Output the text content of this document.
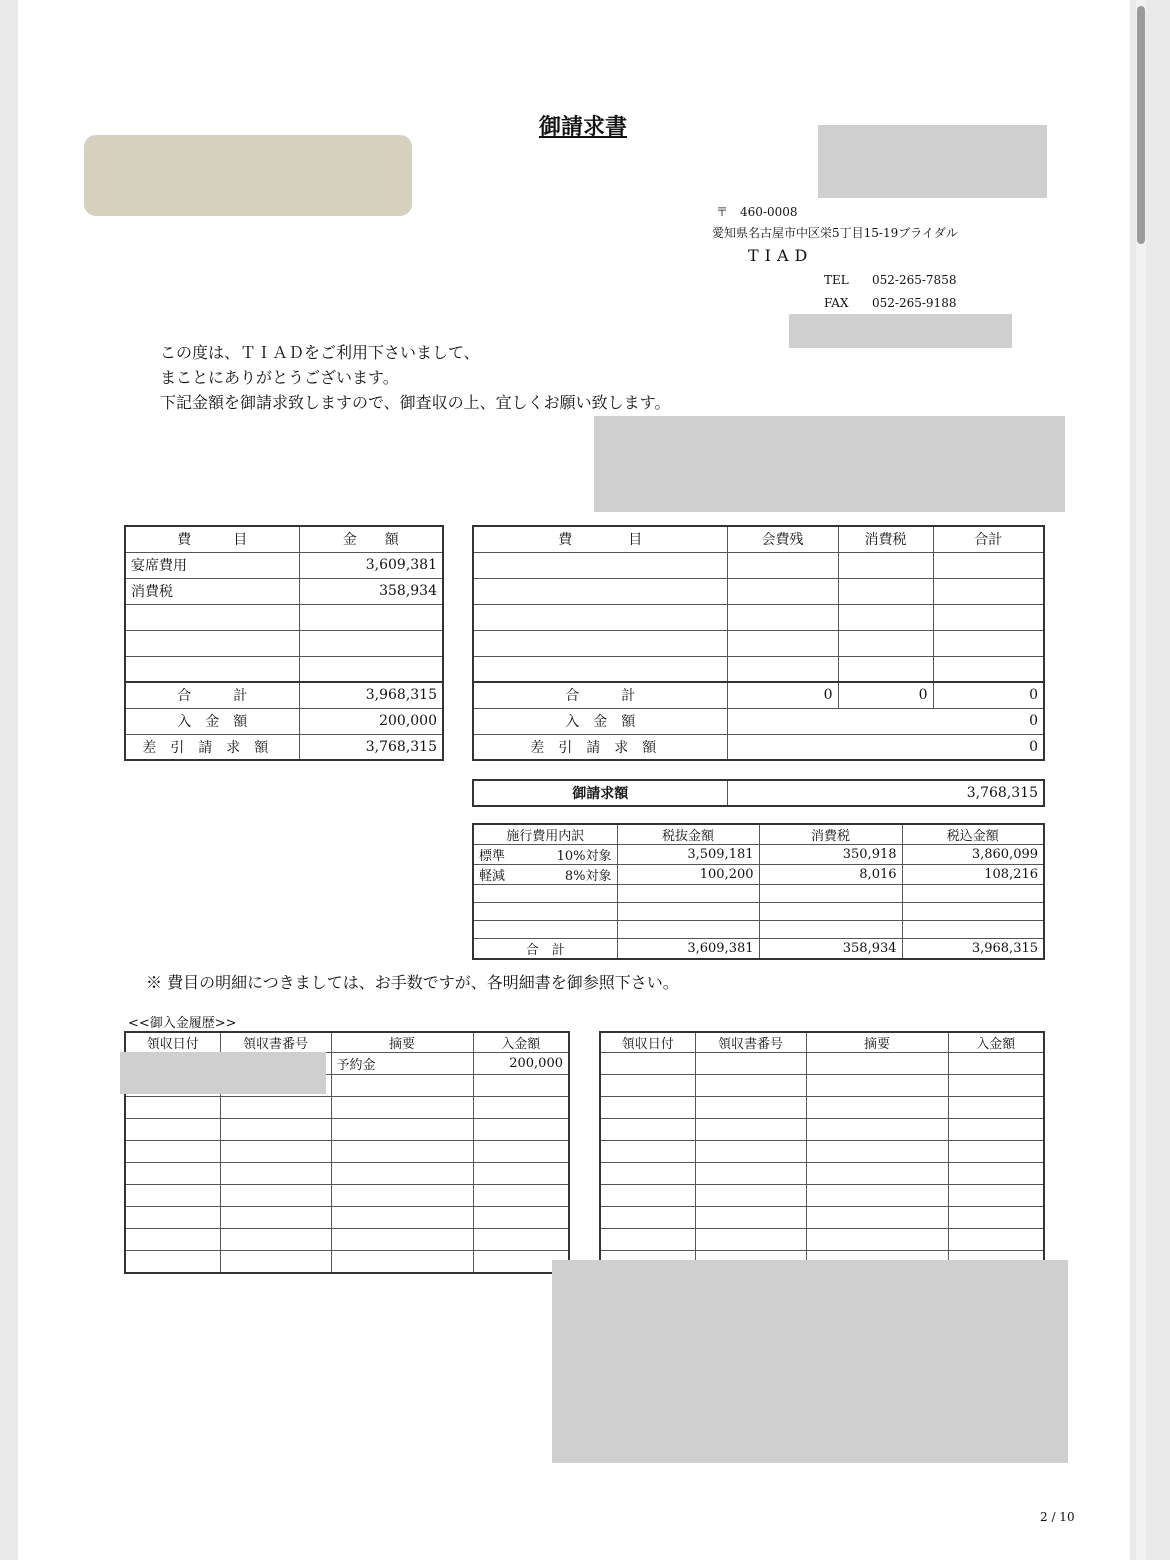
御請求書
〒　460-0008
愛知県名古屋市中区栄5丁目15-19ブライダル
TIAD
TEL 052-265-7858
FAX 052-265-9188
この度は、ＴＩＡＤをご利用下さいまして、
まことにありがとうございます。
下記金額を御請求致しますので、御査収の上、宜しくお願い致します。
費　　　目	金　　額
宴席費用	3,609,381
消費税	358,934

合　　　計	3,968,315
入　金　額	200,000
差引請求額	3,768,315
費　　　　目	会費残	消費税	合計

合　　　計	0	0	0
入　金　額	0		
差引請求額	0		
御請求額	3,768,315
施行費用内訳		税抜金額	消費税	税込金額
標準	10%対象	3,509,181	350,918	3,860,099
軽減	8%対象	100,200	8,016	108,216

合　計		3,609,381	358,934	3,968,315
※ 費目の明細につきましては、お手数ですが、各明細書を御参照下さい。
<<御入金履歴>>
領収日付	領収書番号	摘要	入金額
		予約金	200,000

領収日付	領収書番号	摘要	入金額

2 / 10
